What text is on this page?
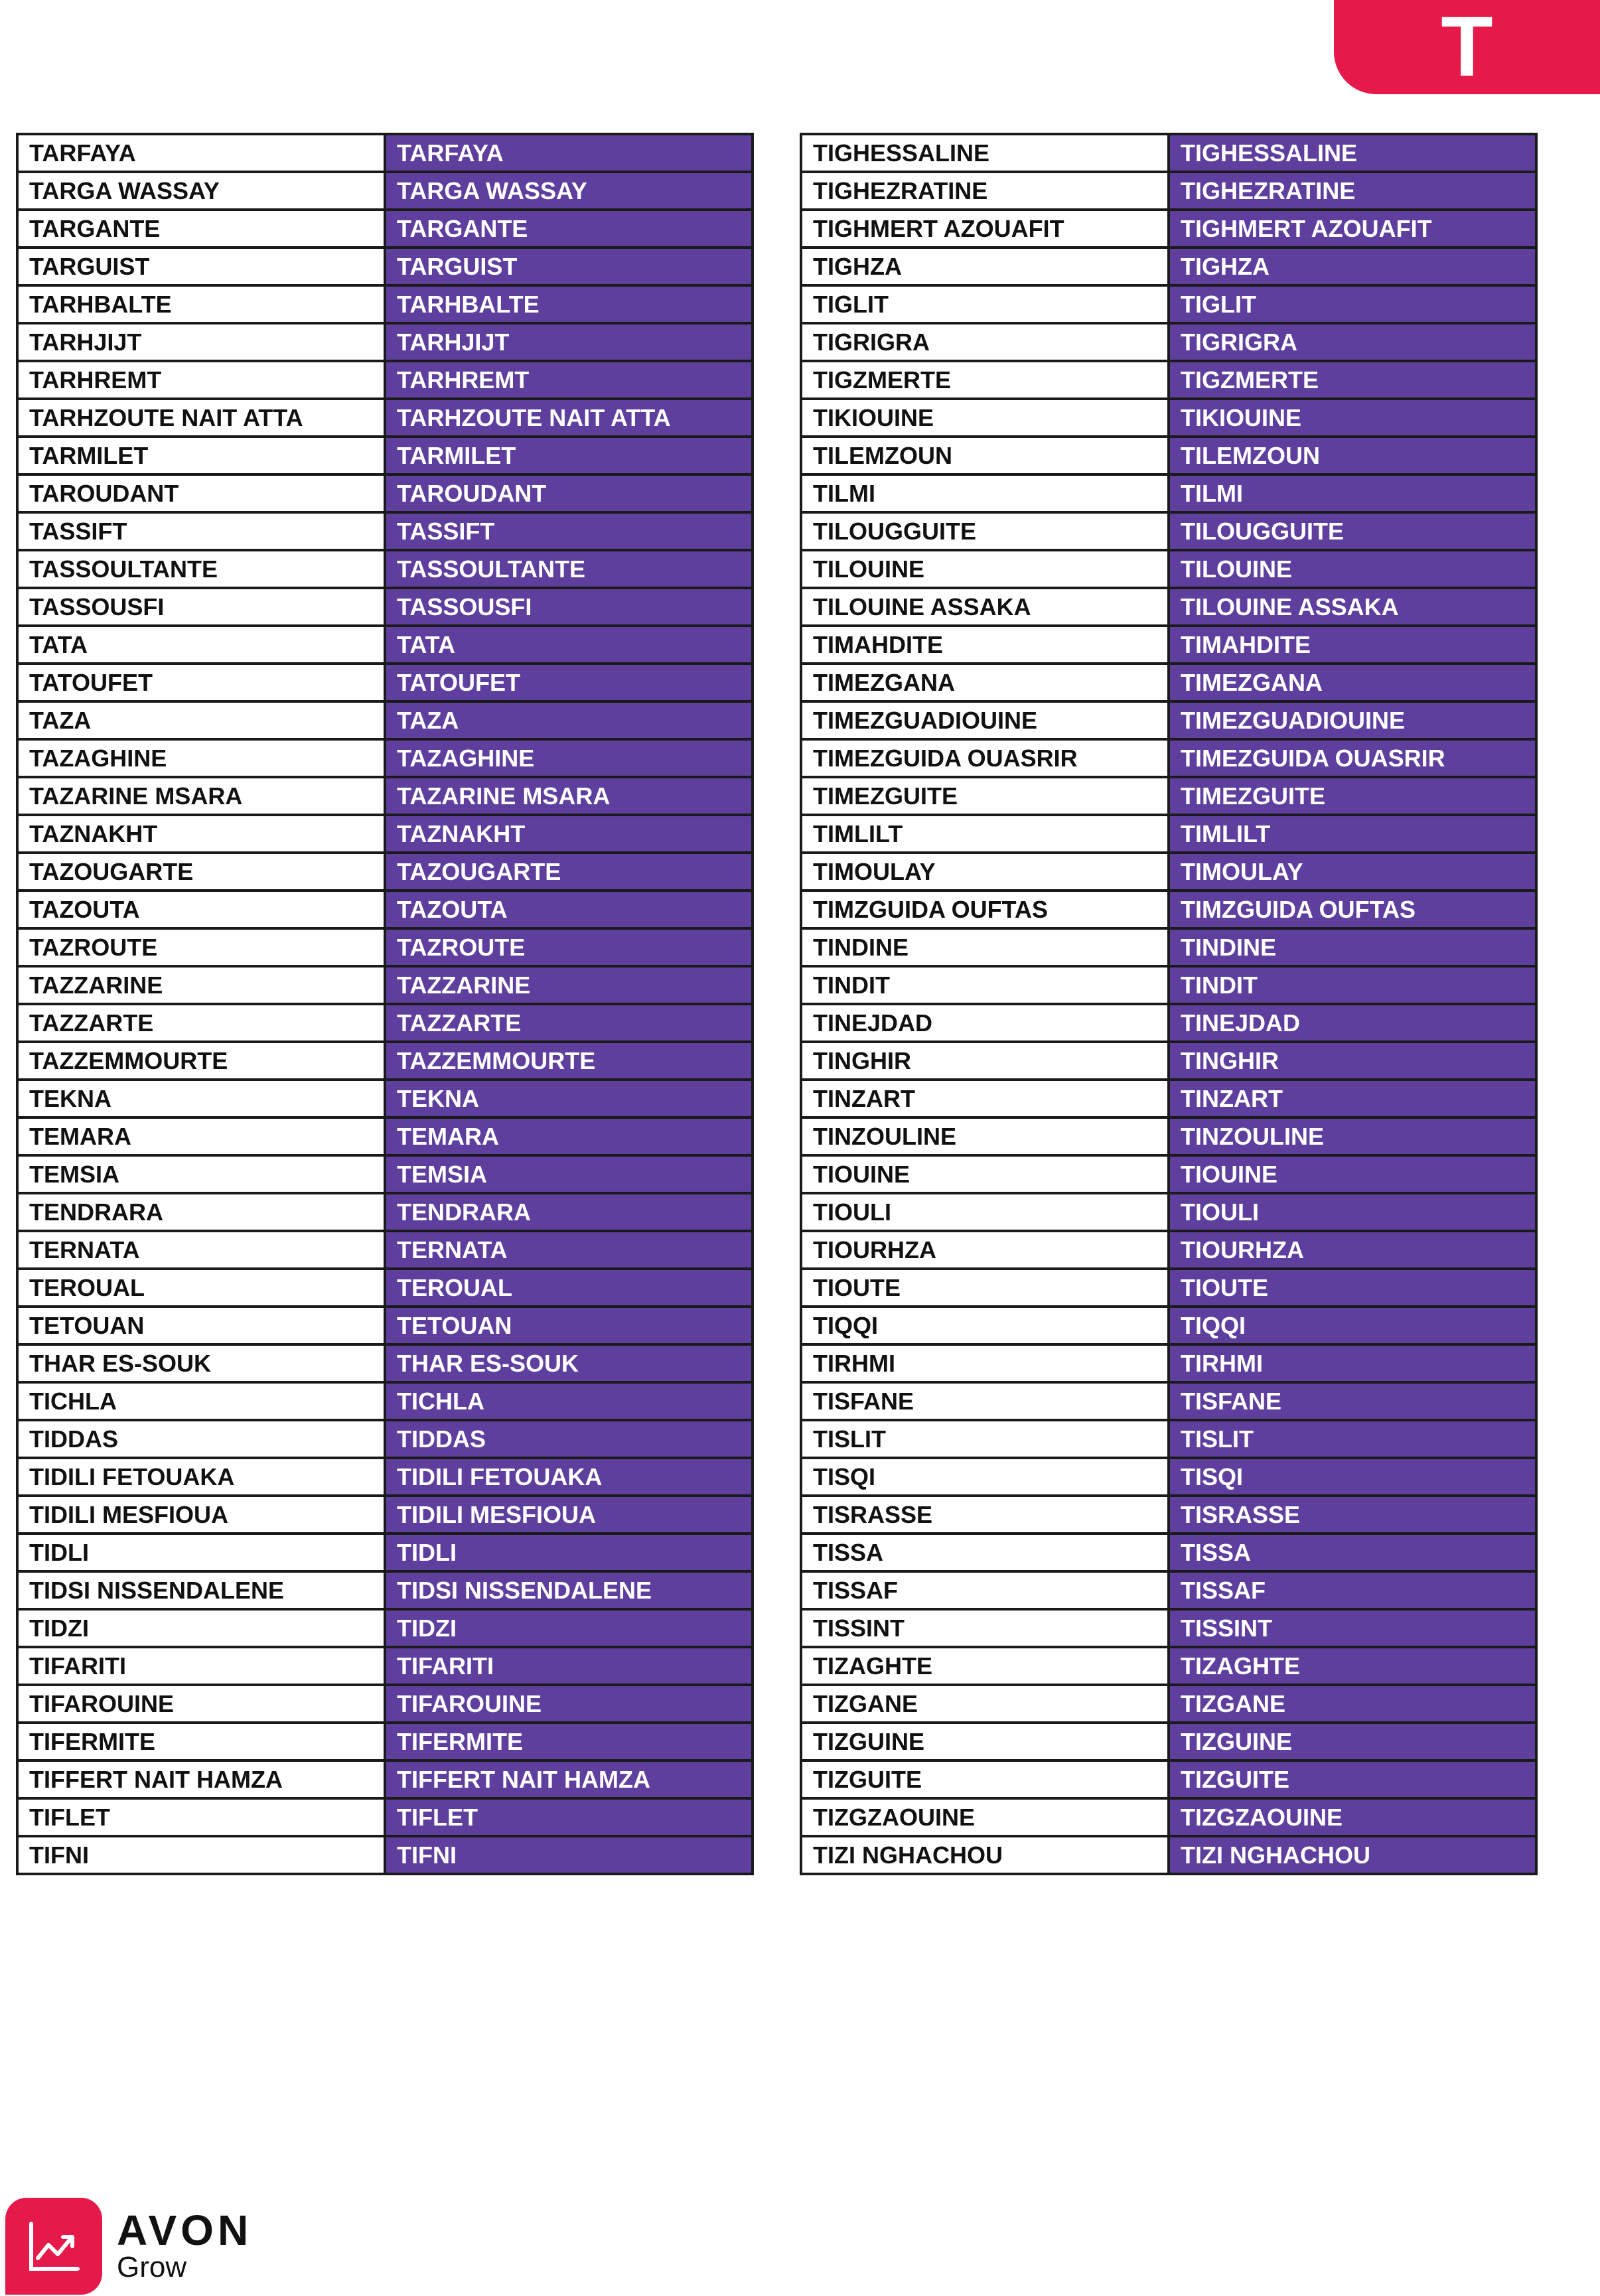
T
TARFAYA	TARFAYA
TARGA WASSAY	TARGA WASSAY
TARGANTE	TARGANTE
TARGUIST	TARGUIST
TARHBALTE	TARHBALTE
TARHJIJT	TARHJIJT
TARHREMT	TARHREMT
TARHZOUTE NAIT ATTA	TARHZOUTE NAIT ATTA
TARMILET	TARMILET
TAROUDANT	TAROUDANT
TASSIFT	TASSIFT
TASSOULTANTE	TASSOULTANTE
TASSOUSFI	TASSOUSFI
TATA	TATA
TATOUFET	TATOUFET
TAZA	TAZA
TAZAGHINE	TAZAGHINE
TAZARINE MSARA	TAZARINE MSARA
TAZNAKHT	TAZNAKHT
TAZOUGARTE	TAZOUGARTE
TAZOUTA	TAZOUTA
TAZROUTE	TAZROUTE
TAZZARINE	TAZZARINE
TAZZARTE	TAZZARTE
TAZZEMMOURTE	TAZZEMMOURTE
TEKNA	TEKNA
TEMARA	TEMARA
TEMSIA	TEMSIA
TENDRARA	TENDRARA
TERNATA	TERNATA
TEROUAL	TEROUAL
TETOUAN	TETOUAN
THAR ES-SOUK	THAR ES-SOUK
TICHLA	TICHLA
TIDDAS	TIDDAS
TIDILI FETOUAKA	TIDILI FETOUAKA
TIDILI MESFIOUA	TIDILI MESFIOUA
TIDLI	TIDLI
TIDSI NISSENDALENE	TIDSI NISSENDALENE
TIDZI	TIDZI
TIFARITI	TIFARITI
TIFAROUINE	TIFAROUINE
TIFERMITE	TIFERMITE
TIFFERT NAIT HAMZA	TIFFERT NAIT HAMZA
TIFLET	TIFLET
TIFNI	TIFNI
TIGHESSALINE	TIGHESSALINE
TIGHEZRATINE	TIGHEZRATINE
TIGHMERT AZOUAFIT	TIGHMERT AZOUAFIT
TIGHZA	TIGHZA
TIGLIT	TIGLIT
TIGRIGRA	TIGRIGRA
TIGZMERTE	TIGZMERTE
TIKIOUINE	TIKIOUINE
TILEMZOUN	TILEMZOUN
TILMI	TILMI
TILOUGGUITE	TILOUGGUITE
TILOUINE	TILOUINE
TILOUINE ASSAKA	TILOUINE ASSAKA
TIMAHDITE	TIMAHDITE
TIMEZGANA	TIMEZGANA
TIMEZGUADIOUINE	TIMEZGUADIOUINE
TIMEZGUIDA OUASRIR	TIMEZGUIDA OUASRIR
TIMEZGUITE	TIMEZGUITE
TIMLILT	TIMLILT
TIMOULAY	TIMOULAY
TIMZGUIDA OUFTAS	TIMZGUIDA OUFTAS
TINDINE	TINDINE
TINDIT	TINDIT
TINEJDAD	TINEJDAD
TINGHIR	TINGHIR
TINZART	TINZART
TINZOULINE	TINZOULINE
TIOUINE	TIOUINE
TIOULI	TIOULI
TIOURHZA	TIOURHZA
TIOUTE	TIOUTE
TIQQI	TIQQI
TIRHMI	TIRHMI
TISFANE	TISFANE
TISLIT	TISLIT
TISQI	TISQI
TISRASSE	TISRASSE
TISSA	TISSA
TISSAF	TISSAF
TISSINT	TISSINT
TIZAGHTE	TIZAGHTE
TIZGANE	TIZGANE
TIZGUINE	TIZGUINE
TIZGUITE	TIZGUITE
TIZGZAOUINE	TIZGZAOUINE
TIZI NGHACHOU	TIZI NGHACHOU
AVON
Grow
